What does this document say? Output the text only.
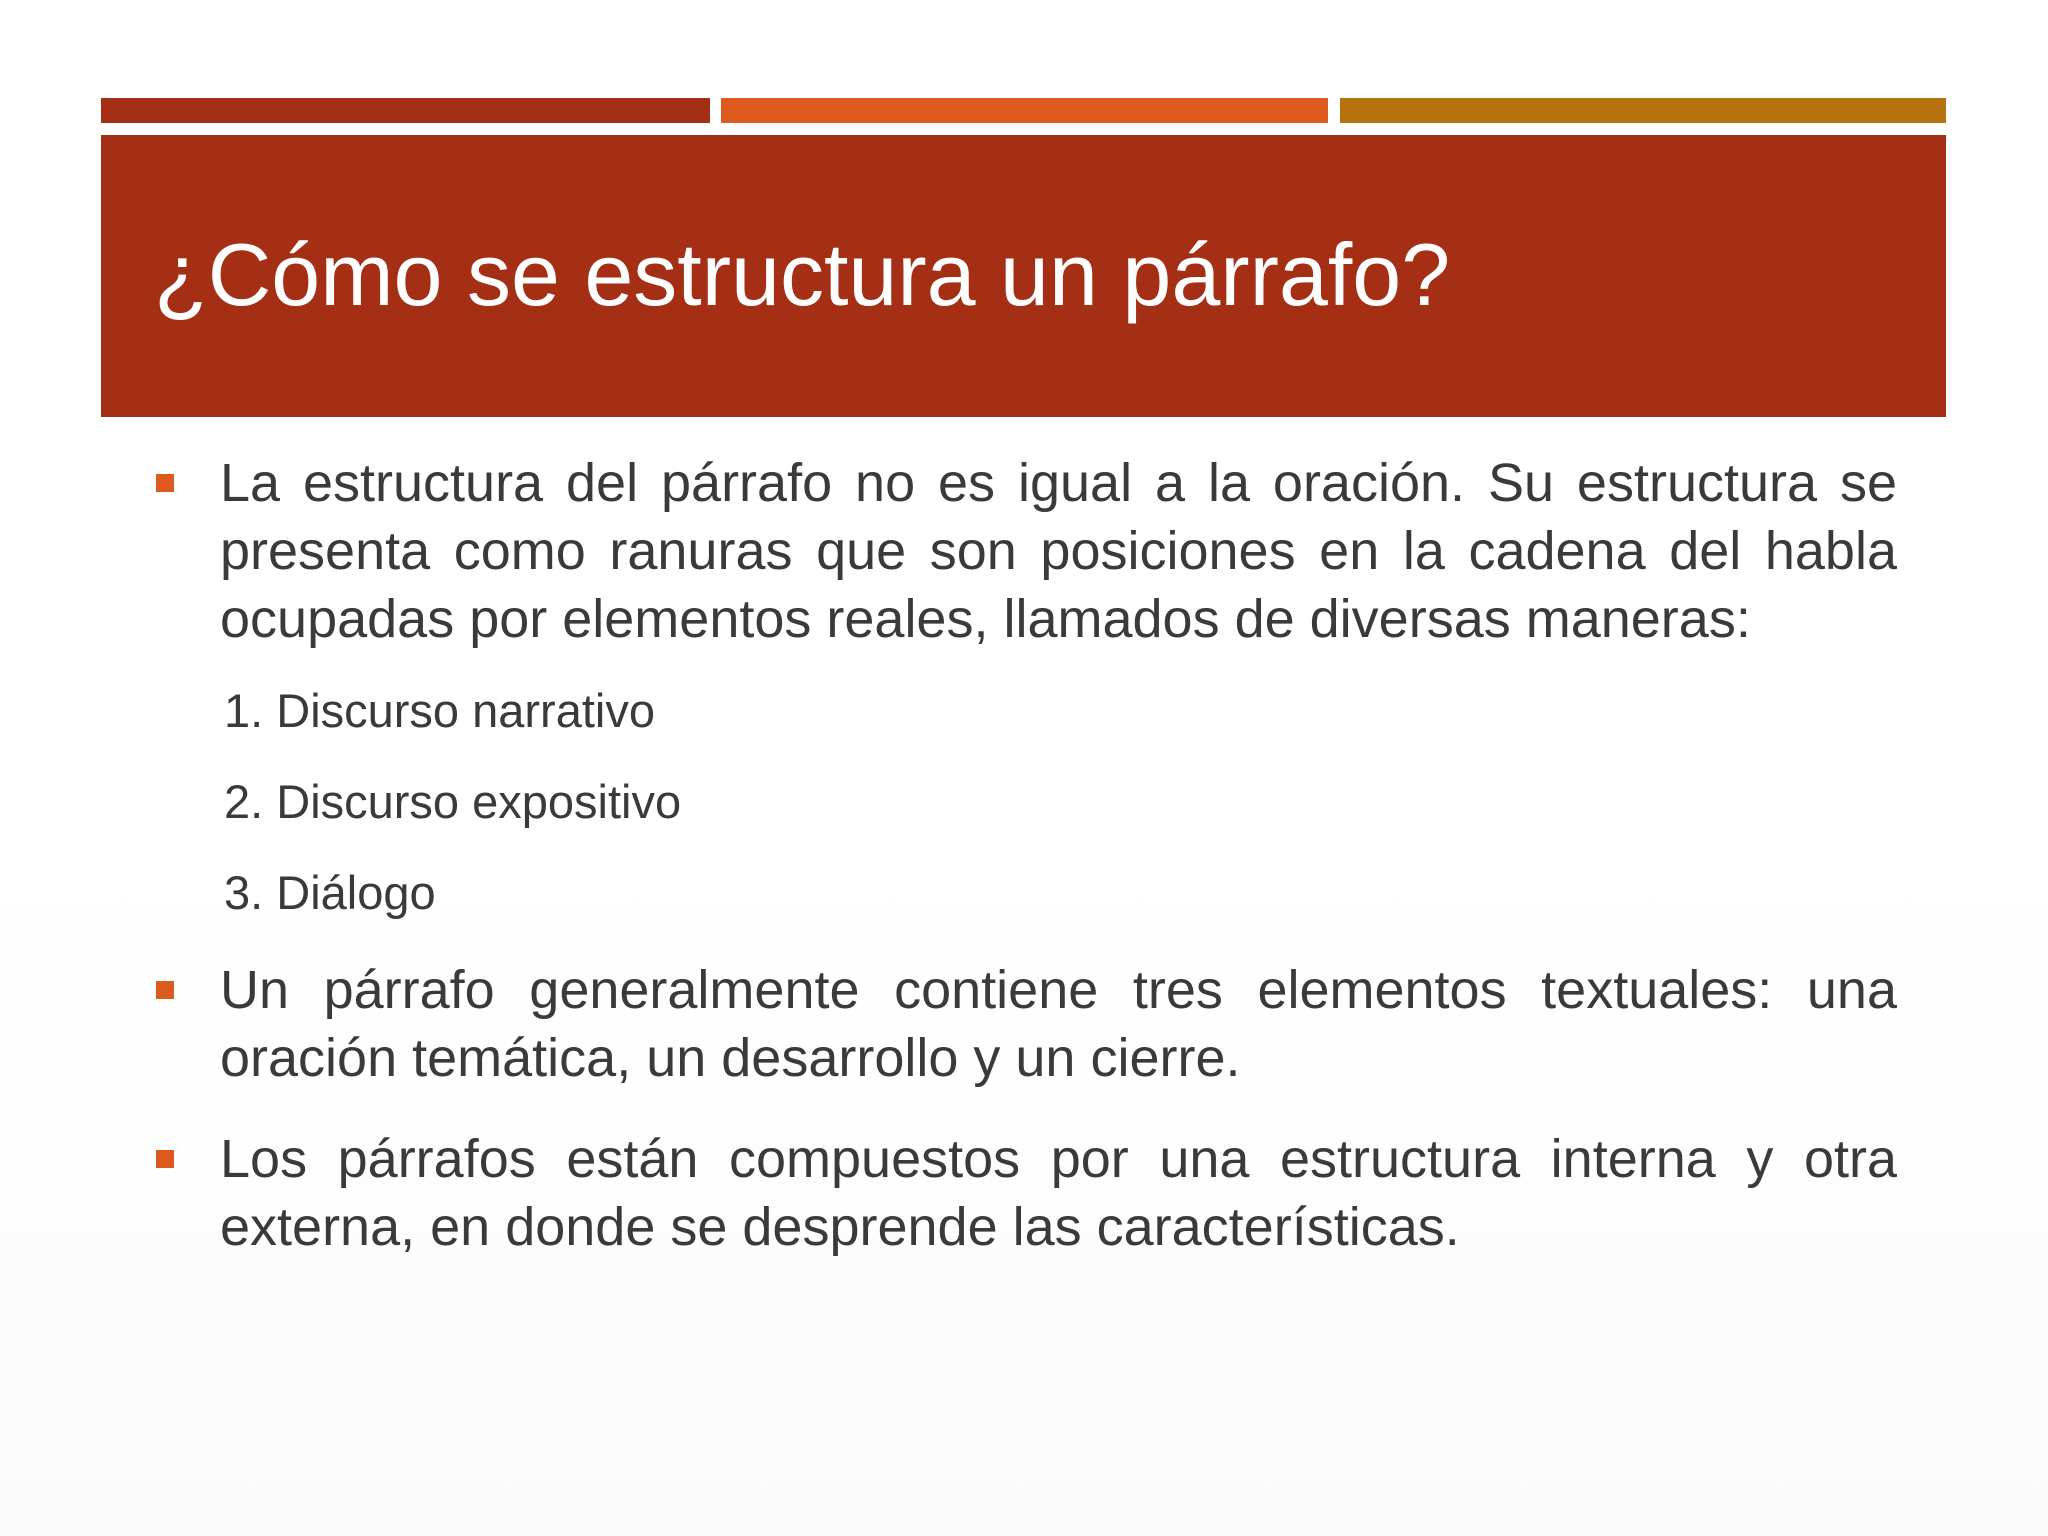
¿Cómo se estructura un párrafo?

La estructura del párrafo no es igual a la oración. Su estructura se presenta como ranuras que son posiciones en la cadena del habla ocupadas por elementos reales, llamados de diversas maneras:

1. Discurso narrativo
2. Discurso expositivo
3. Diálogo

Un párrafo generalmente contiene tres elementos textuales: una oración temática, un desarrollo y un cierre.

Los párrafos están compuestos por una estructura interna y otra externa, en donde se desprende las características.
